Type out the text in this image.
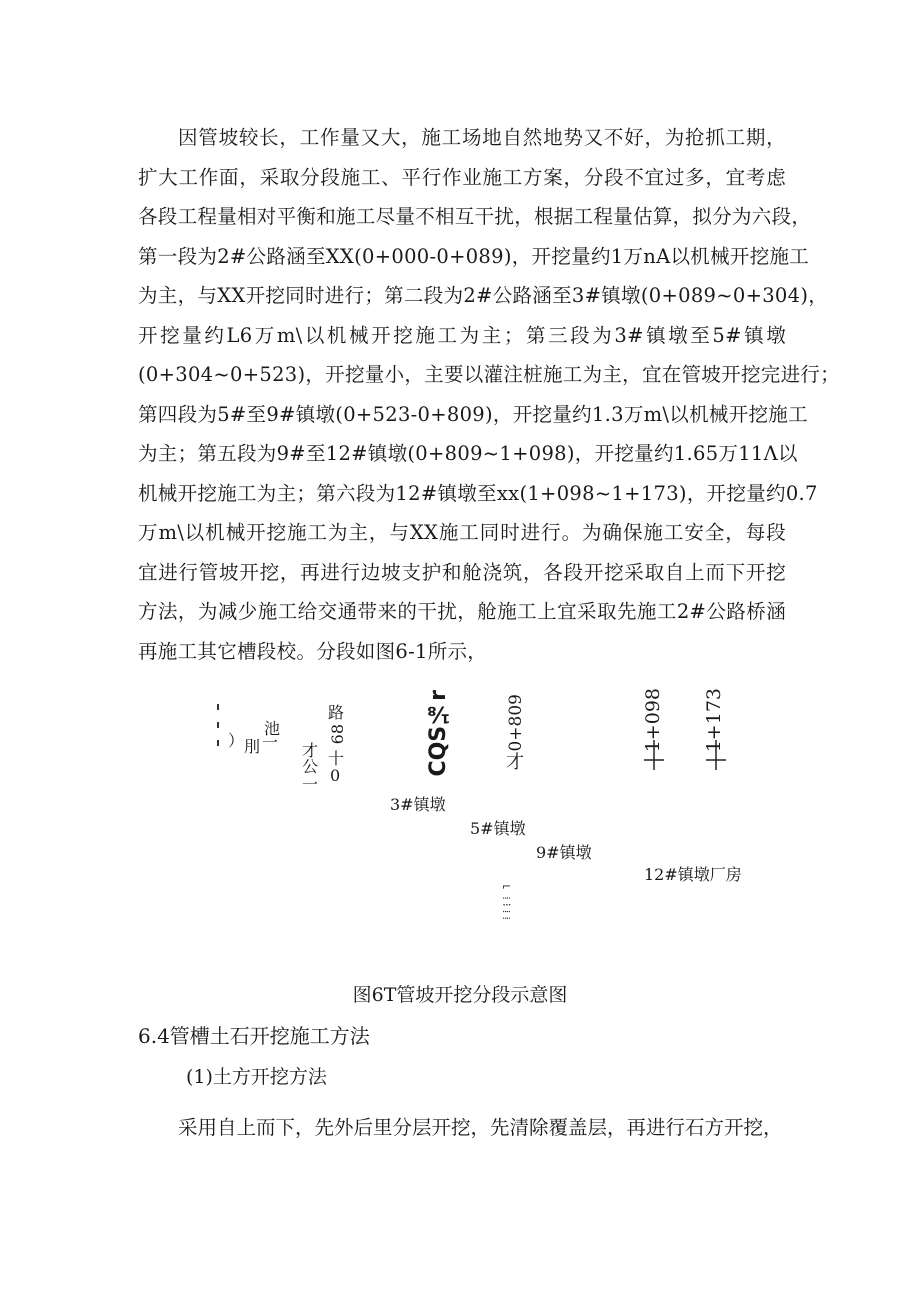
因管坡较长，工作量又大，施工场地自然地势又不好，为抢抓工期，
扩大工作面，采取分段施工、平行作业施工方案，分段不宜过多，宜考虑
各段工程量相对平衡和施工尽量不相互干扰，根据工程量估算，拟分为六段，
第一段为2#公路涵至XX(0+000-0+089)，开挖量约1万nA以机械开挖施工
为主，与XX开挖同时进行；第二段为2#公路涵至3#镇墩(0+089~0+304)，
开挖量约L6万m\以机械开挖施工为主；第三段为3#镇墩至5#镇墩
(0+304~0+523)，开挖量小，主要以灌注桩施工为主，宜在管坡开挖完进行；
第四段为5#至9#镇墩(0+523-0+809)，开挖量约1.3万m\以机械开挖施工
为主；第五段为9#至12#镇墩(0+809~1+098)，开挖量约1.65万11Λ以
机械开挖施工为主；第六段为12#镇墩至xx(1+098~1+173)，开挖量约0.7
万m\以机械开挖施工为主，与XX施工同时进行。为确保施工安全，每段
宜进行管坡开挖，再进行边坡支护和舱浇筑，各段开挖采取自上而下开挖
方法，为减少施工给交通带来的干扰，舱施工上宜采取先施工2#公路桥涵
再施工其它槽段校。分段如图6-1所示，
池
一
） 刖
路
68
十
0
才
公
一
CQS⅛r	0+809
才
1+098 1+173
3#镇墩
5#镇墩
9#镇墩
12#镇墩厂房
⌐ ⁞ ⁝ ⁞ ⁞
图6T管坡开挖分段示意图
6.4管槽土石开挖施工方法
(1)土方开挖方法
采用自上而下，先外后里分层开挖，先清除覆盖层，再进行石方开挖，
